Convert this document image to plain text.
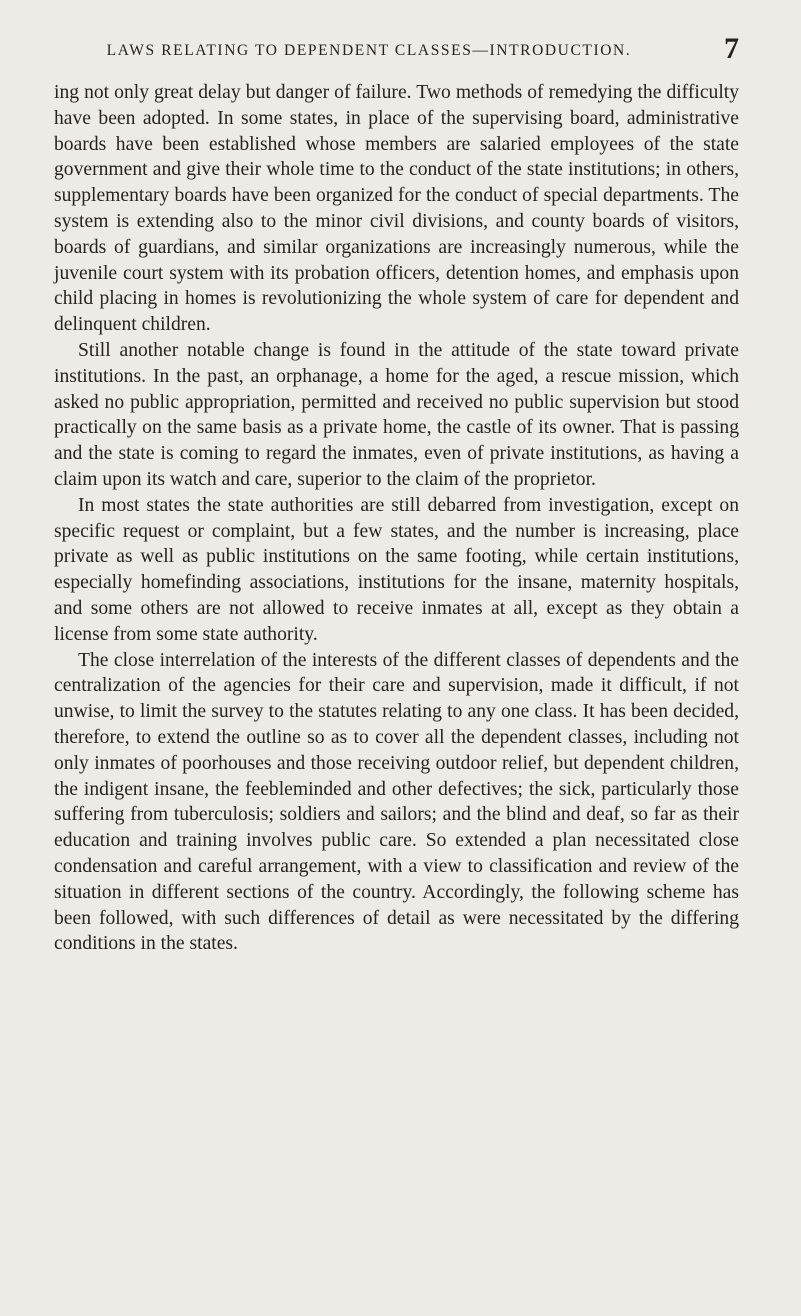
LAWS RELATING TO DEPENDENT CLASSES—INTRODUCTION.	7

ing not only great delay but danger of failure. Two methods of remedying the difficulty have been adopted. In some states, in place of the supervising board, administrative boards have been established whose members are salaried employees of the state government and give their whole time to the conduct of the state institutions; in others, supplementary boards have been organized for the conduct of special departments. The system is extending also to the minor civil divisions, and county boards of visitors, boards of guardians, and similar organizations are increasingly numerous, while the juvenile court system with its probation officers, detention homes, and emphasis upon child placing in homes is revolutionizing the whole system of care for dependent and delinquent children.

Still another notable change is found in the attitude of the state toward private institutions. In the past, an orphanage, a home for the aged, a rescue mission, which asked no public appropriation, permitted and received no public supervision but stood practically on the same basis as a private home, the castle of its owner. That is passing and the state is coming to regard the inmates, even of private institutions, as having a claim upon its watch and care, superior to the claim of the proprietor.

In most states the state authorities are still debarred from investigation, except on specific request or complaint, but a few states, and the number is increasing, place private as well as public institutions on the same footing, while certain institutions, especially homefinding associations, institutions for the insane, maternity hospitals, and some others are not allowed to receive inmates at all, except as they obtain a license from some state authority.

The close interrelation of the interests of the different classes of dependents and the centralization of the agencies for their care and supervision, made it difficult, if not unwise, to limit the survey to the statutes relating to any one class. It has been decided, therefore, to extend the outline so as to cover all the dependent classes, including not only inmates of poorhouses and those receiving outdoor relief, but dependent children, the indigent insane, the feebleminded and other defectives; the sick, particularly those suffering from tuberculosis; soldiers and sailors; and the blind and deaf, so far as their education and training involves public care. So extended a plan necessitated close condensation and careful arrangement, with a view to classification and review of the situation in different sections of the country. Accordingly, the following scheme has been followed, with such differences of detail as were necessitated by the differing conditions in the states.
